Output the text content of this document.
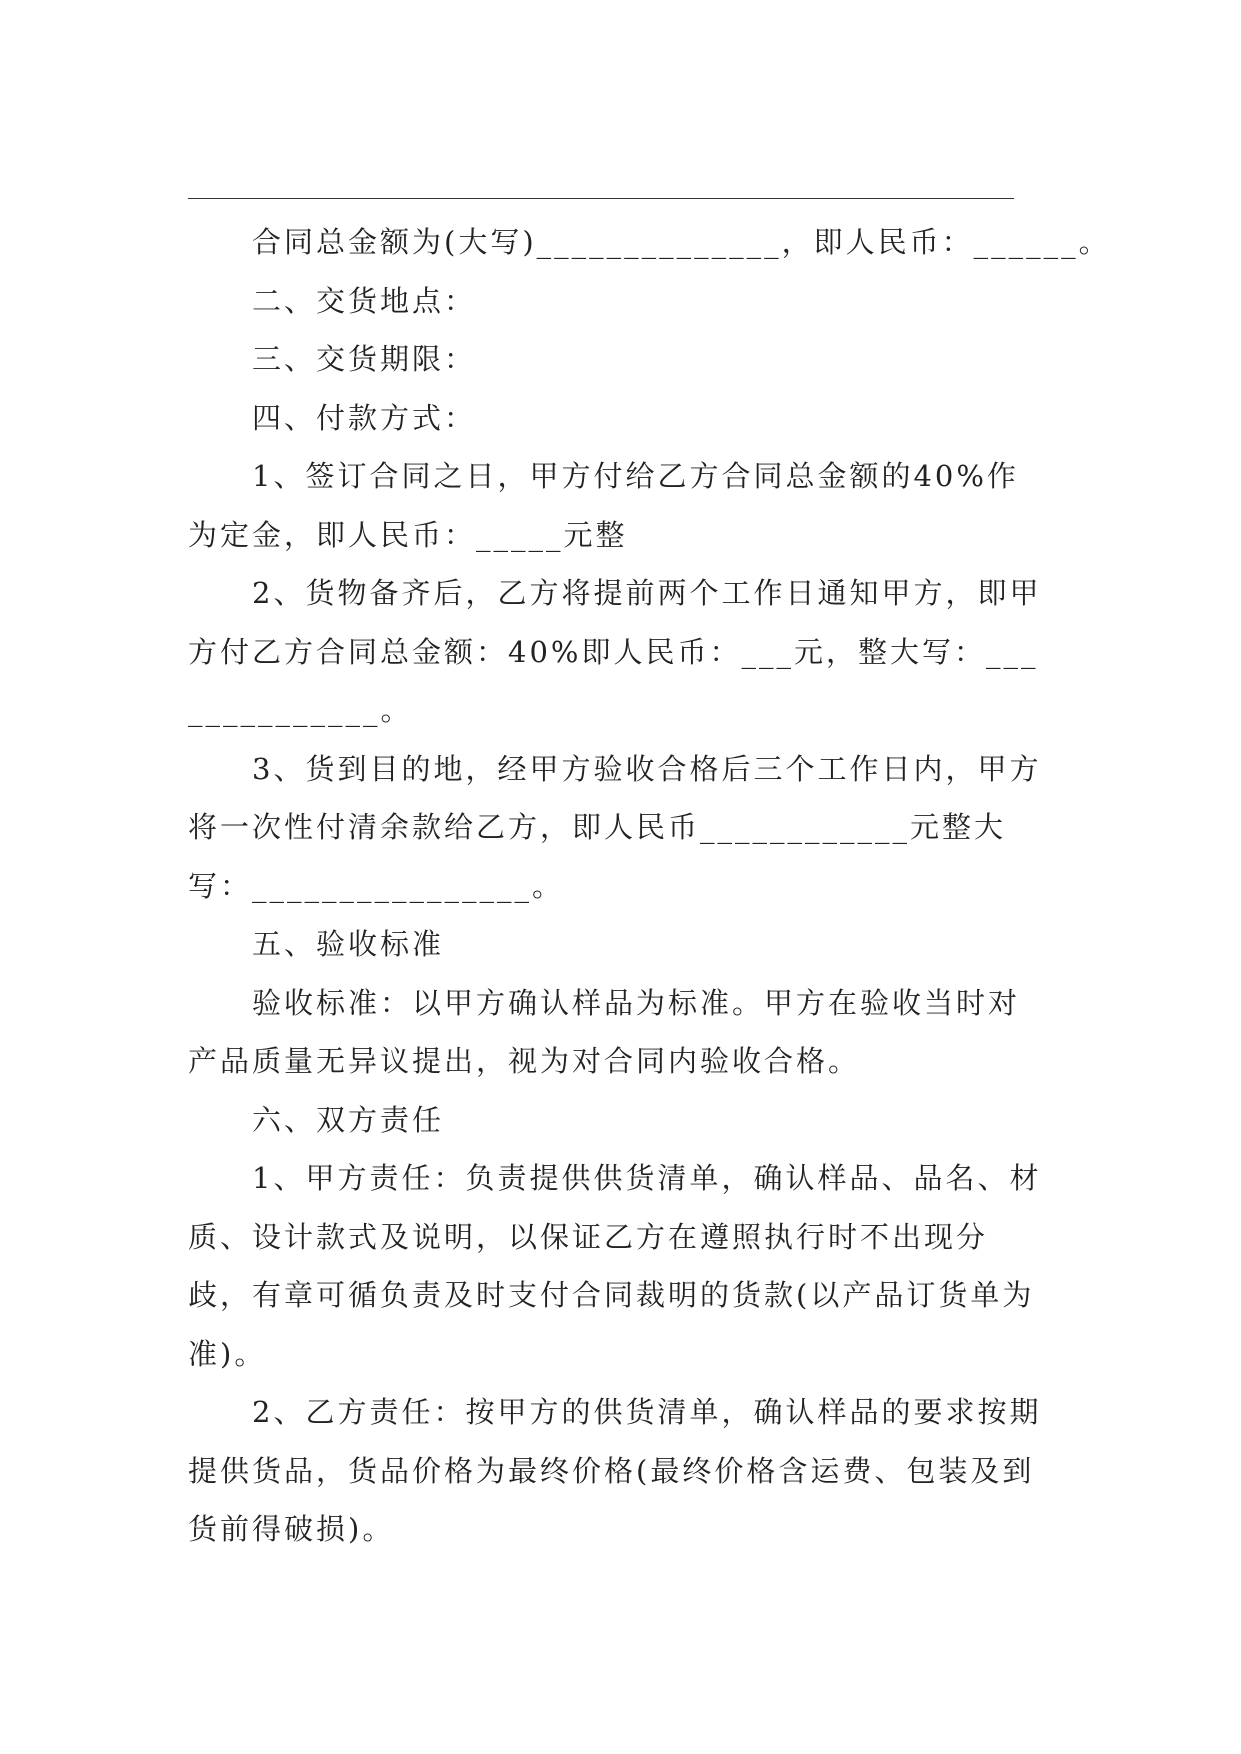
合同总金额为(大写)______________，即人民币：______。

二、交货地点：

三、交货期限：

四、付款方式：

1、签订合同之日，甲方付给乙方合同总金额的40%作为定金，即人民币：_____元整

2、货物备齐后，乙方将提前两个工作日通知甲方，即甲方付乙方合同总金额：40%即人民币：___元，整大写：______________。

3、货到目的地，经甲方验收合格后三个工作日内，甲方将一次性付清余款给乙方，即人民币____________元整大写：________________。

五、验收标准

验收标准：以甲方确认样品为标准。甲方在验收当时对产品质量无异议提出，视为对合同内验收合格。

六、双方责任

1、甲方责任：负责提供供货清单，确认样品、品名、材质、设计款式及说明，以保证乙方在遵照执行时不出现分歧，有章可循负责及时支付合同裁明的货款(以产品订货单为准)。

2、乙方责任：按甲方的供货清单，确认样品的要求按期提供货品，货品价格为最终价格(最终价格含运费、包装及到货前得破损)。
